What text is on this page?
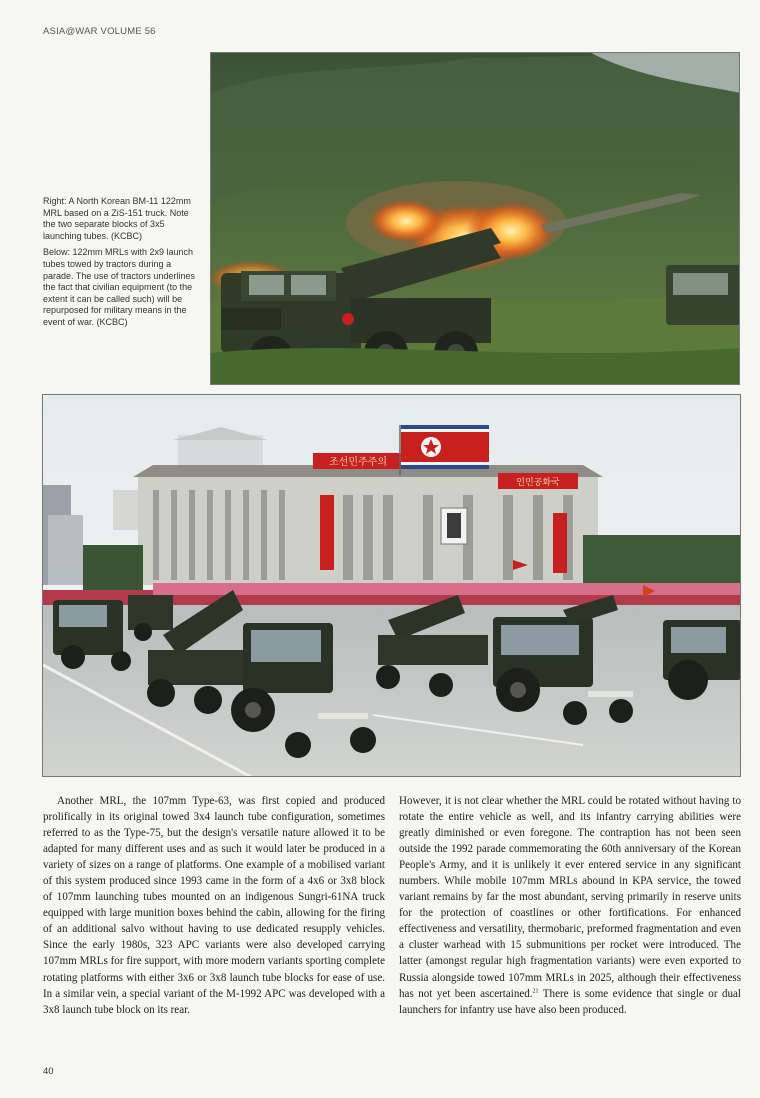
ASIA@WAR VOLUME 56

Right: A North Korean BM-11 122mm MRL based on a ZiS-151 truck. Note the two separate blocks of 3x5 launching tubes. (KCBC)

Below: 122mm MRLs with 2x9 launch tubes towed by tractors during a parade. The use of tractors underlines the fact that civilian equipment (to the extent it can be called such) will be repurposed for military means in the event of war. (KCBC)

조선민주주의
인민공화국

Another MRL, the 107mm Type-63, was first copied and produced prolifically in its original towed 3x4 launch tube configuration, sometimes referred to as the Type-75, but the design's versatile nature allowed it to be adapted for many different uses and as such it would later be produced in a variety of sizes on a range of platforms. One example of a mobilised variant of this system produced since 1993 came in the form of a 4x6 or 3x8 block of 107mm launching tubes mounted on an indigenous Sungri-61NA truck equipped with large munition boxes behind the cabin, allowing for the firing of an additional salvo without having to use dedicated resupply vehicles. Since the early 1980s, 323 APC variants were also developed carrying 107mm MRLs for fire support, with more modern variants sporting complete rotating platforms with either 3x6 or 3x8 launch tube blocks for ease of use. In a similar vein, a special variant of the M-1992 APC was developed with a 3x8 launch tube block on its rear.

However, it is not clear whether the MRL could be rotated without having to rotate the entire vehicle as well, and its infantry carrying abilities were greatly diminished or even foregone. The contraption has not been seen outside the 1992 parade commemorating the 60th anniversary of the Korean People's Army, and it is unlikely it ever entered service in any significant numbers. While mobile 107mm MRLs abound in KPA service, the towed variant remains by far the most abundant, serving primarily in reserve units for the protection of coastlines or other fortifications. For enhanced effectiveness and versatility, thermobaric, preformed fragmentation and even a cluster warhead with 15 submunitions per rocket were introduced. The latter (amongst regular high fragmentation variants) were even exported to Russia alongside towed 107mm MRLs in 2025, although their effectiveness has not yet been ascertained.$^{21}$ There is some evidence that single or dual launchers for infantry use have also been produced.

40
